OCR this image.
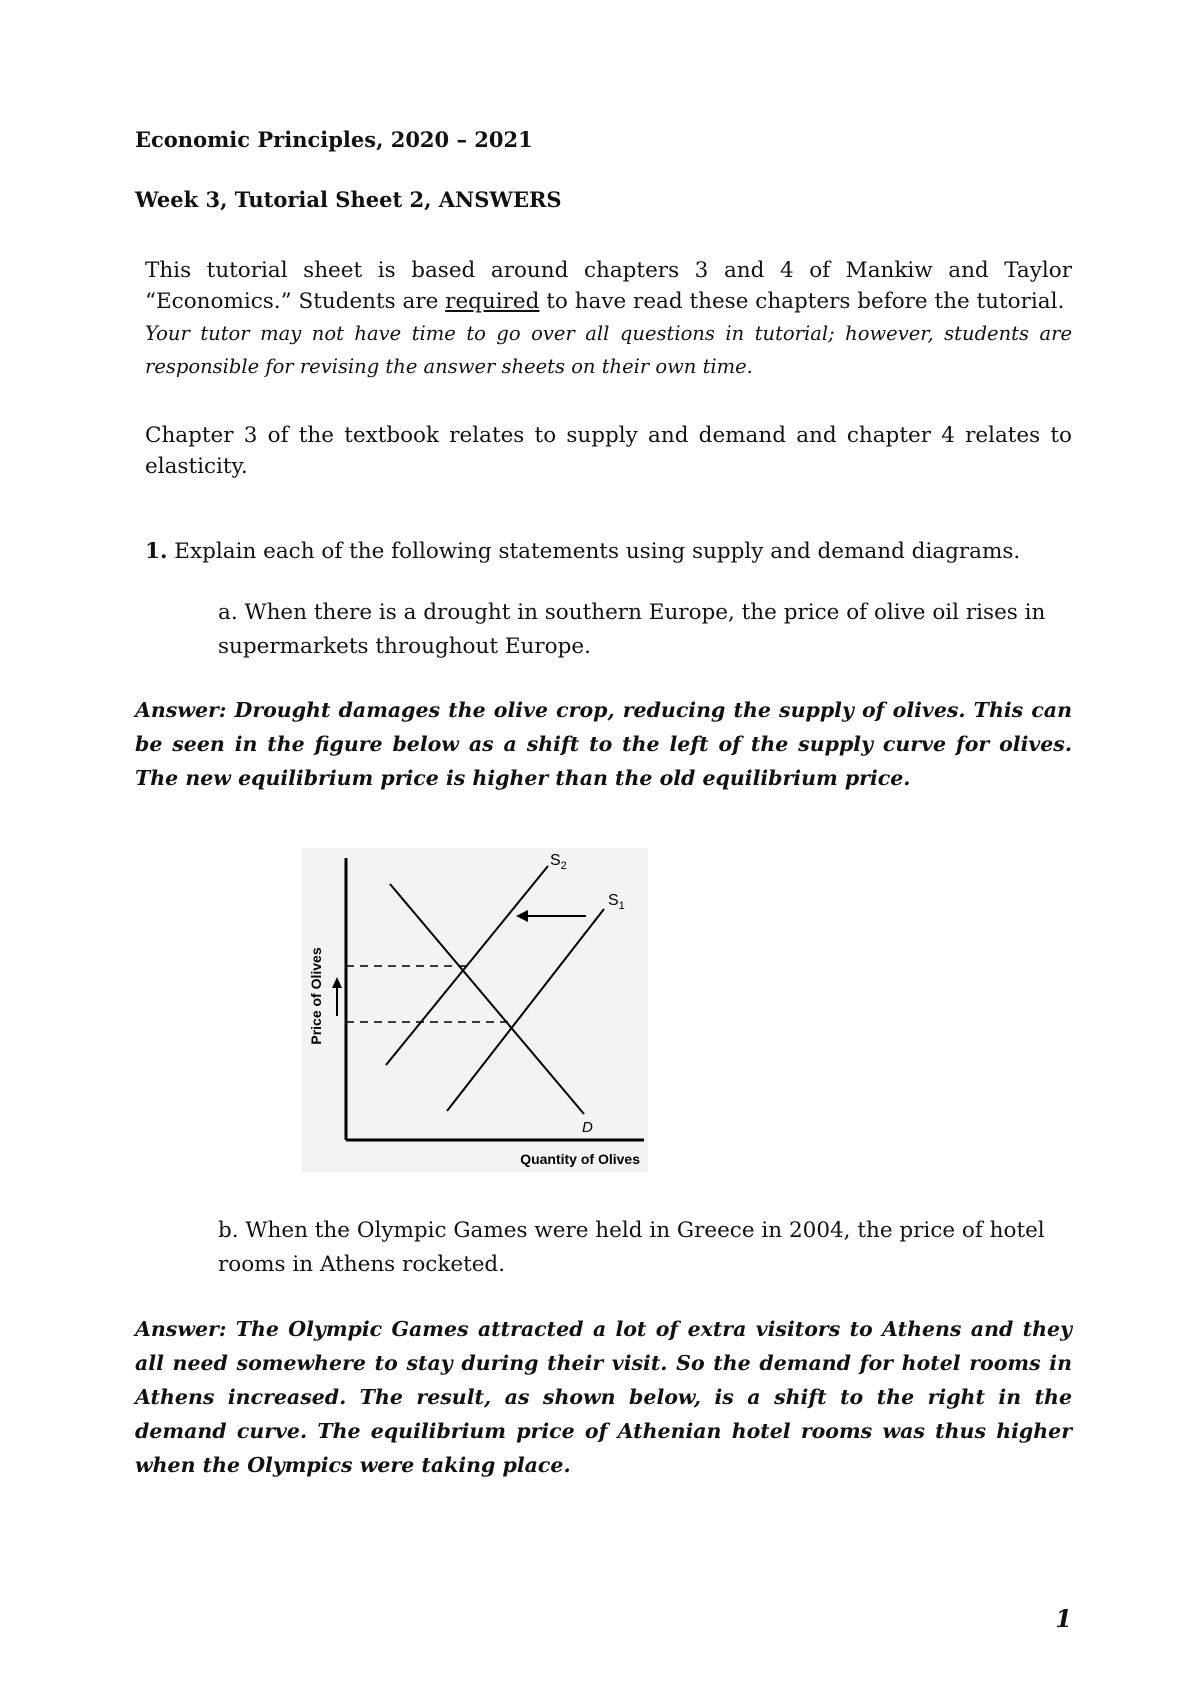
Economic Principles, 2020 – 2021
Week 3, Tutorial Sheet 2, ANSWERS
This tutorial sheet is based around chapters 3 and 4 of Mankiw and Taylor “Economics.” Students are required to have read these chapters before the tutorial.
Your tutor may not have time to go over all questions in tutorial; however, students are responsible for revising the answer sheets on their own time.
Chapter 3 of the textbook relates to supply and demand and chapter 4 relates to elasticity.
1. Explain each of the following statements using supply and demand diagrams.
a. When there is a drought in southern Europe, the price of olive oil rises in supermarkets throughout Europe.
Answer: Drought damages the olive crop, reducing the supply of olives. This can be seen in the figure below as a shift to the left of the supply curve for olives. The new equilibrium price is higher than the old equilibrium price.
$S_2$
$S_1$
D
Price of Olives
Quantity of Olives
b. When the Olympic Games were held in Greece in 2004, the price of hotel rooms in Athens rocketed.
Answer: The Olympic Games attracted a lot of extra visitors to Athens and they all need somewhere to stay during their visit. So the demand for hotel rooms in Athens increased. The result, as shown below, is a shift to the right in the demand curve. The equilibrium price of Athenian hotel rooms was thus higher when the Olympics were taking place.
1
